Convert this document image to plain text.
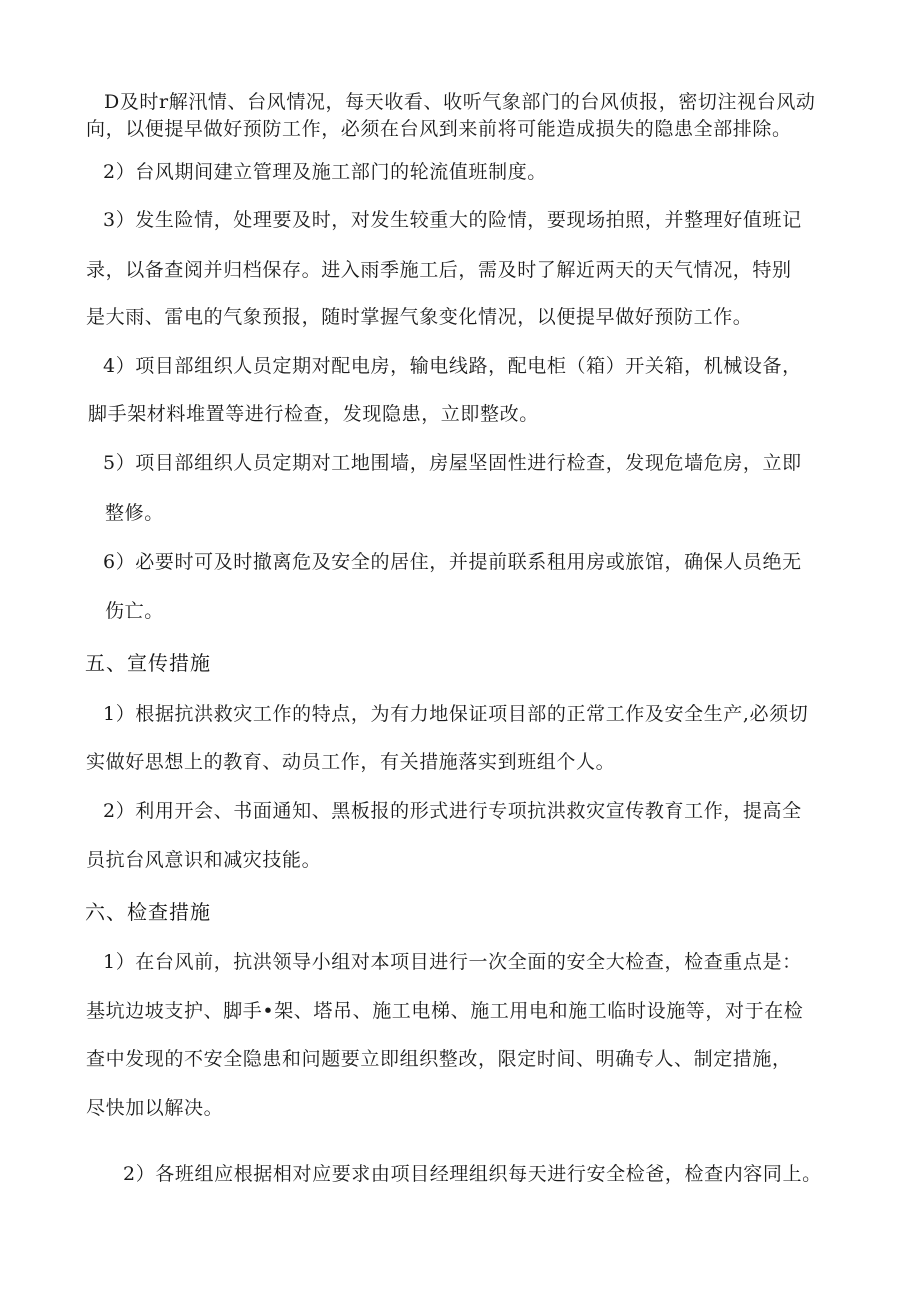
D及时r解汛情、台风情况，每天收看、收听气象部门的台风侦报，密切注视台风动
向，以便提早做好预防工作，必须在台风到来前将可能造成损失的隐患全部排除。
2）台风期间建立管理及施工部门的轮流值班制度。
3）发生险情，处理要及时，对发生较重大的险情，要现场拍照，并整理好值班记
录，以备查阅并归档保存。进入雨季施工后，需及时了解近两天的天气情况，特别
是大雨、雷电的气象预报，随时掌握气象变化情况，以便提早做好预防工作。
4）项目部组织人员定期对配电房，输电线路，配电柜（箱）开关箱，机械设备，
脚手架材料堆置等进行检查，发现隐患，立即整改。
5）项目部组织人员定期对工地围墙，房屋坚固性进行检查，发现危墙危房，立即
整修。
6）必要时可及时撤离危及安全的居住，并提前联系租用房或旅馆，确保人员绝无
伤亡。
五、宣传措施
1）根据抗洪救灾工作的特点，为有力地保证项目部的正常工作及安全生产,必须切
实做好思想上的教育、动员工作，有关措施落实到班组个人。
2）利用开会、书面通知、黑板报的形式进行专项抗洪救灾宣传教育工作，提高全
员抗台风意识和减灾技能。
六、检查措施
1）在台风前，抗洪领导小组对本项目进行一次全面的安全大检查，检查重点是：
基坑边坡支护、脚手•架、塔吊、施工电梯、施工用电和施工临时设施等，对于在检
查中发现的不安全隐患和问题要立即组织整改，限定时间、明确专人、制定措施，
尽快加以解决。
2）各班组应根据相对应要求由项目经理组织每天进行安全检爸，检查内容同上。
